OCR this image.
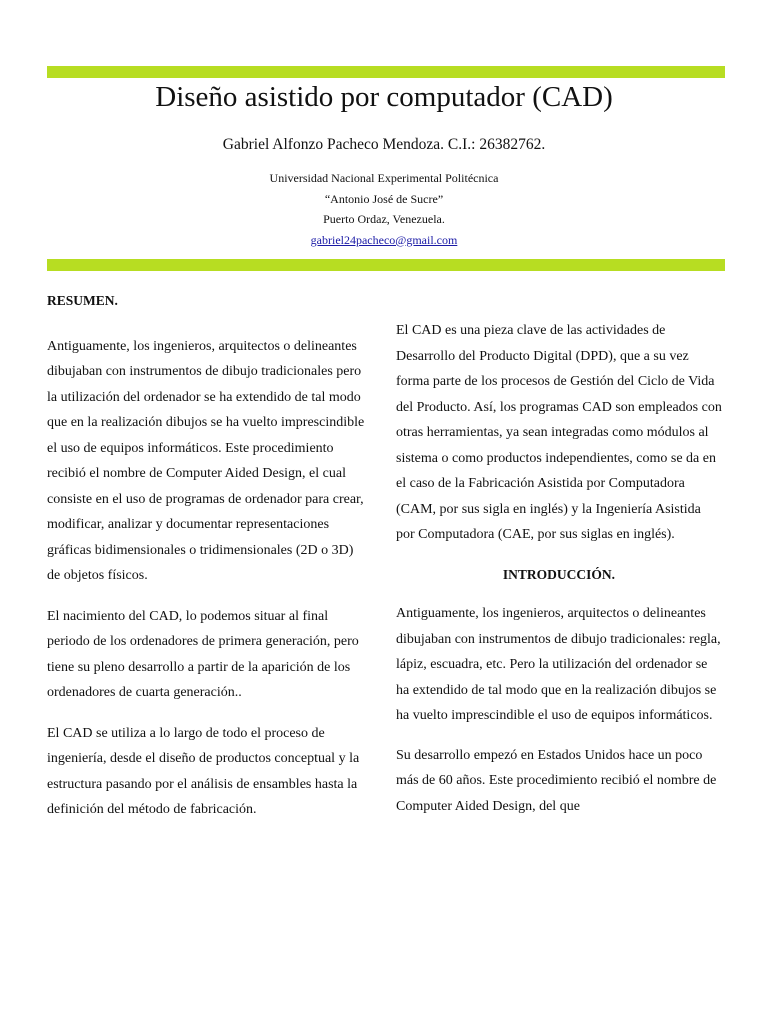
Diseño asistido por computador (CAD)

Gabriel Alfonzo Pacheco Mendoza. C.I.: 26382762.

Universidad Nacional Experimental Politécnica
“Antonio José de Sucre”
Puerto Ordaz, Venezuela.
gabriel24pacheco@gmail.com

RESUMEN.

Antiguamente, los ingenieros, arquitectos o delineantes dibujaban con instrumentos de dibujo tradicionales pero la utilización del ordenador se ha extendido de tal modo que en la realización dibujos se ha vuelto imprescindible el uso de equipos informáticos. Este procedimiento recibió el nombre de Computer Aided Design, el cual consiste en el uso de programas de ordenador para crear, modificar, analizar y documentar representaciones gráficas bidimensionales o tridimensionales (2D o 3D) de objetos físicos.

El nacimiento del CAD, lo podemos situar al final periodo de los ordenadores de primera generación, pero tiene su pleno desarrollo a partir de la aparición de los ordenadores de cuarta generación..

El CAD se utiliza a lo largo de todo el proceso de ingeniería, desde el diseño de productos conceptual y la estructura pasando por el análisis de ensambles hasta la definición del método de fabricación.

El CAD es una pieza clave de las actividades de Desarrollo del Producto Digital (DPD), que a su vez forma parte de los procesos de Gestión del Ciclo de Vida del Producto. Así, los programas CAD son empleados con otras herramientas, ya sean integradas como módulos al sistema o como productos independientes, como se da en el caso de la Fabricación Asistida por Computadora (CAM, por sus sigla en inglés) y la Ingeniería Asistida por Computadora (CAE, por sus siglas en inglés).

INTRODUCCIÓN.

Antiguamente, los ingenieros, arquitectos o delineantes dibujaban con instrumentos de dibujo tradicionales: regla, lápiz, escuadra, etc. Pero la utilización del ordenador se ha extendido de tal modo que en la realización dibujos se ha vuelto imprescindible el uso de equipos informáticos.

Su desarrollo empezó en Estados Unidos hace un poco más de 60 años. Este procedimiento recibió el nombre de Computer Aided Design, del que
